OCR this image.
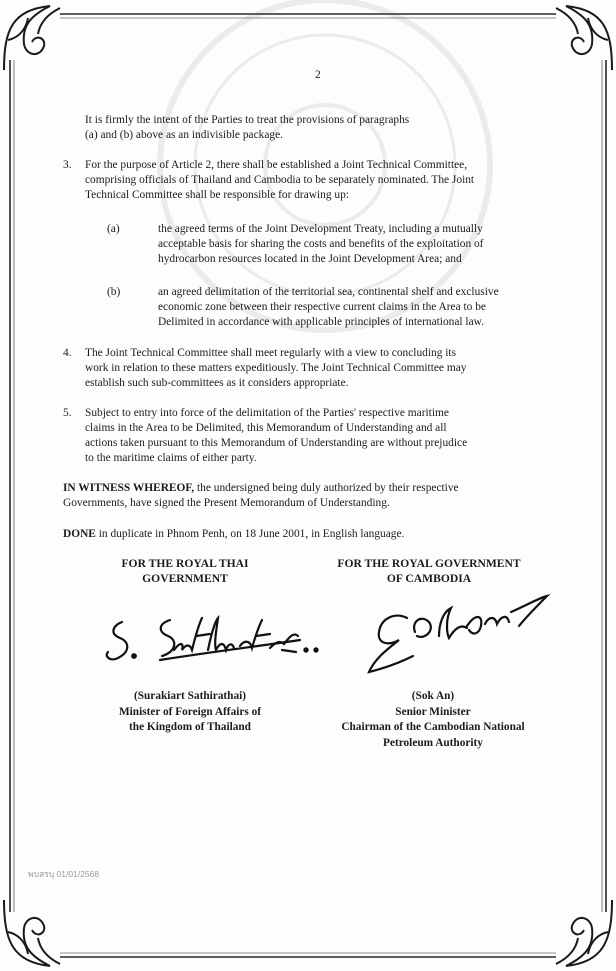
2
It is firmly the intent of the Parties to treat the provisions of paragraphs
(a) and (b) above as an indivisible package.
3. For the purpose of Article 2, there shall be established a Joint Technical Committee,
comprising officials of Thailand and Cambodia to be separately nominated. The Joint
Technical Committee shall be responsible for drawing up:
(a)	the agreed terms of the Joint Development Treaty, including a mutually
acceptable basis for sharing the costs and benefits of the exploitation of
hydrocarbon resources located in the Joint Development Area; and
(b)	an agreed delimitation of the territorial sea, continental shelf and exclusive
economic zone between their respective current claims in the Area to be
Delimited in accordance with applicable principles of international law.
4. The Joint Technical Committee shall meet regularly with a view to concluding its
work in relation to these matters expeditiously. The Joint Technical Committee may
establish such sub-committees as it considers appropriate.
5. Subject to entry into force of the delimitation of the Parties' respective maritime
claims in the Area to be Delimited, this Memorandum of Understanding and all
actions taken pursuant to this Memorandum of Understanding are without prejudice
to the maritime claims of either party.
IN WITNESS WHEREOF, the undersigned being duly authorized by their respective
Governments, have signed the Present Memorandum of Understanding.
DONE in duplicate in Phnom Penh, on 18 June 2001, in English language.
FOR THE ROYAL THAI
GOVERNMENT
FOR THE ROYAL GOVERNMENT
OF CAMBODIA
(Surakiart Sathirathai)
Minister of Foreign Affairs of
the Kingdom of Thailand
(Sok An)
Senior Minister
Chairman of the Cambodian National
Petroleum Authority
พบสรบุ 01/01/2568
